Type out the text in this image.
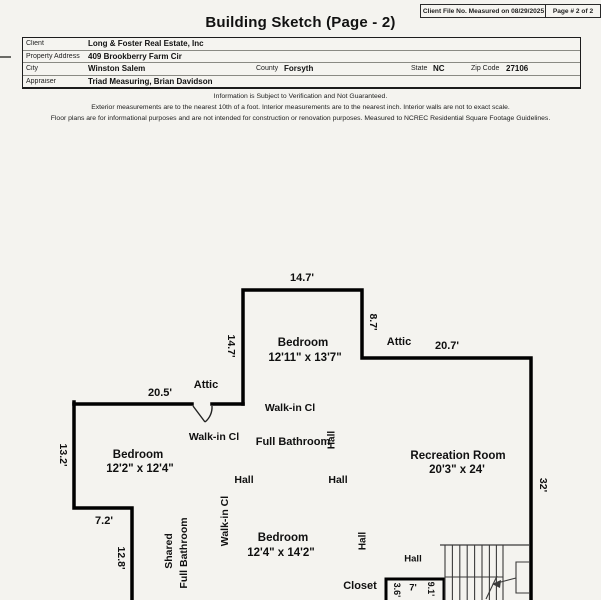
Client File No. Measured on 08/29/2025 Page # 2 of 2
Building Sketch (Page - 2)
Client	Long & Foster Real Estate, Inc
Property Address	409 Brookberry Farm Cir
City	Winston Salem	County Forsyth	State NC	Zip Code 27106
Appraiser	Triad Measuring, Brian Davidson
Information is Subject to Verification and Not Guaranteed.
Exterior measurements are to the nearest 10th of a foot. Interior measurements are to the nearest inch. Interior walls are not to exact scale.
Floor plans are for informational purposes and are not intended for construction or renovation purposes. Measured to NCREC Residential Square Footage Guidelines.
14.7'
8.7'
Attic 20.7'
14.7'	Bedroom
12'11" x 13'7"
20.5'
Attic
Walk-in Cl
Walk-in Cl Full Bathroom
Hall
Bedroom
12'2" x 12'4"
Recreation Room
20'3" x 24'
13.2'
Hall	Hall	32'
Walk-in Cl
7.2'
12.8'	Shared Full Bathroom	Bedroom
12'4" x 14'2"
Hall
Hall
Closet 3.6' 7' 9.1'
